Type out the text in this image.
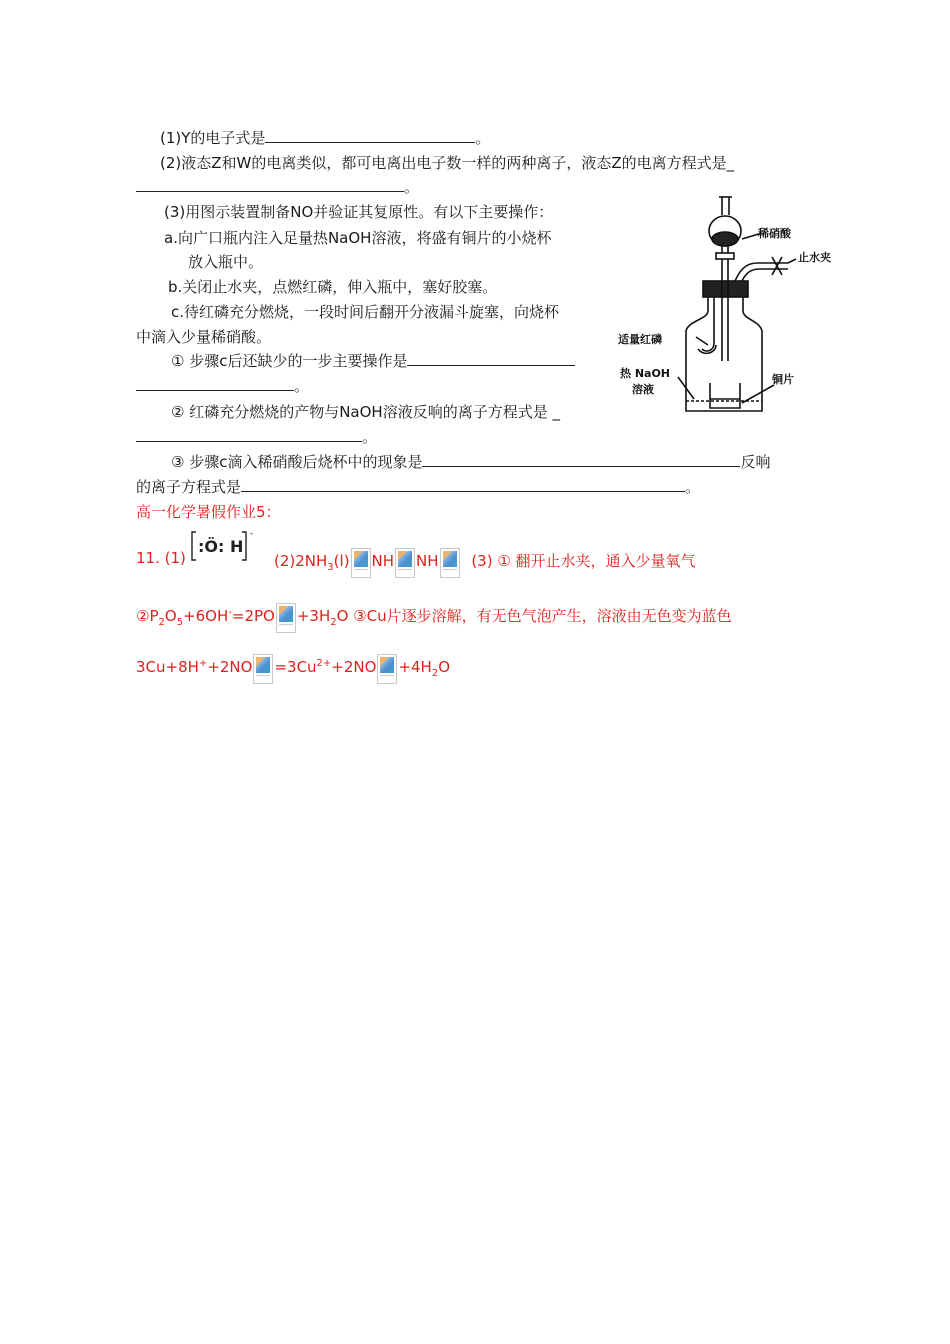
(1)Y的电子式是	。
(2)液态Z和W的电离类似，都可电离出电子数一样的两种离子，液态Z的电离方程式是_
。
(3)用图示装置制备NO并验证其复原性。有以下主要操作：
a.向广口瓶内注入足量热NaOH溶液，将盛有铜片的小烧杯
放入瓶中。
b.关闭止水夹，点燃红磷，伸入瓶中，塞好胶塞。
c.待红磷充分燃烧，一段时间后翻开分液漏斗旋塞，向烧杯
中滴入少量稀硝酸。
① 步骤c后还缺少的一步主要操作是
。
② 红磷充分燃烧的产物与NaOH溶液反响的离子方程式是 _
。
③ 步骤c滴入稀硝酸后烧杯中的现象是	反响
的离子方程式是	。
稀硝酸
止水夹
适量红磷
热 NaOH
溶液
铜片
高一化学暑假作业5：
11. (1)
:Ö: H
-
$(2)2NH_3(l)$ NH NH (3) ① 翻开止水夹，通入少量氧气
$②P_2O_5+6OH^-=2PO +3H_2O$ ③Cu片逐步溶解，有无色气泡产生，溶液由无色变为蓝色
$3Cu+8H^++2NO =3Cu^{2+}+2NO +4H_2O$
